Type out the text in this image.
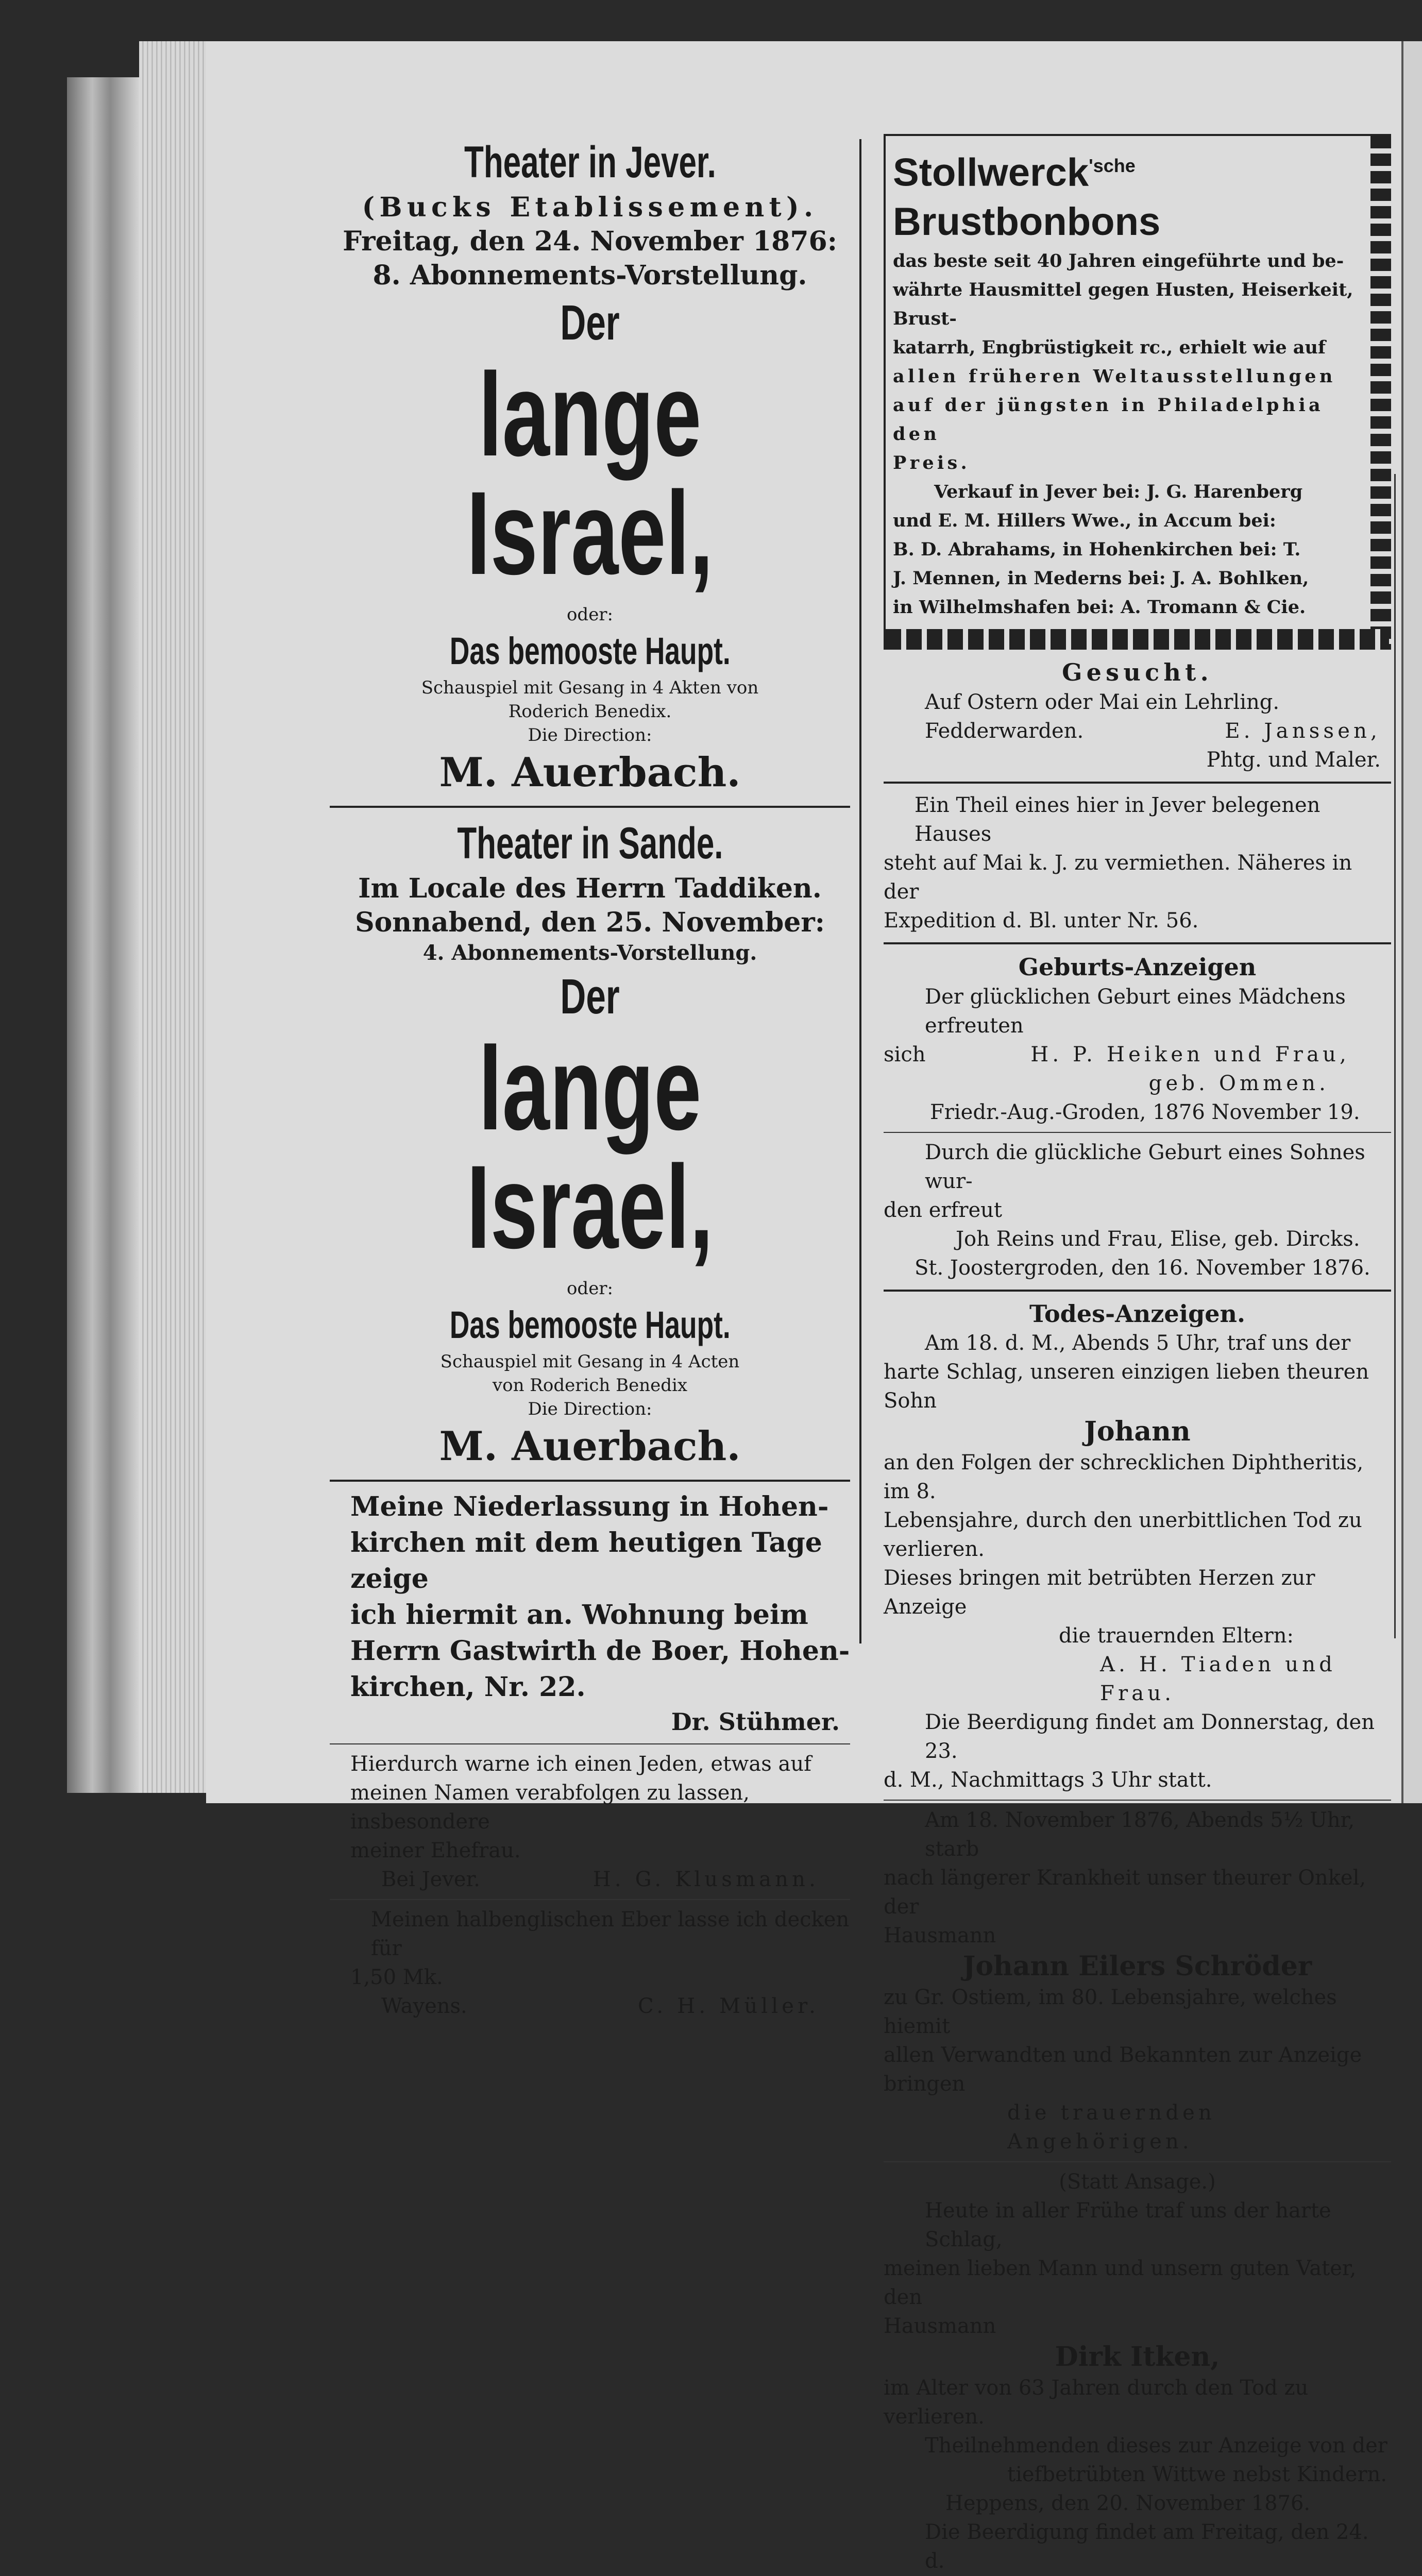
Theater in Jever.
(Bucks Etablissement).
Freitag, den 24. November 1876:
8. Abonnements-Vorstellung.
Der
lange Israel,
oder:
Das bemooste Haupt.
Schauspiel mit Gesang in 4 Akten von
Roderich Benedix.
Die Direction:
M. Auerbach.
Theater in Sande.
Im Locale des Herrn Taddiken.
Sonnabend, den 25. November:
4. Abonnements-Vorstellung.
Der
lange Israel,
oder:
Das bemooste Haupt.
Schauspiel mit Gesang in 4 Acten
von Roderich Benedix
Die Direction:
M. Auerbach.
Meine Niederlassung in Hohen-
kirchen mit dem heutigen Tage zeige
ich hiermit an. Wohnung beim
Herrn Gastwirth de Boer, Hohen-
kirchen, Nr. 22.
Dr. Stühmer.
Hierdurch warne ich einen Jeden, etwas auf
meinen Namen verabfolgen zu lassen, insbesondere
meiner Ehefrau.
Bei Jever.	H. G. Klusmann.
Meinen halbenglischen Eber lasse ich decken für
1,50 Mk.
Wayens.	C. H. Müller.
Stollwerck$^{'sche}$ Brustbonbons
das beste seit 40 Jahren eingeführte und be-
währte Hausmittel gegen Husten, Heiserkeit, Brust-
katarrh, Engbrüstigkeit rc., erhielt wie auf
allen früheren Weltausstellungen
auf der jüngsten in Philadelphia den
Preis.
Verkauf in Jever bei: J. G. Harenberg
und E. M. Hillers Wwe., in Accum bei:
B. D. Abrahams, in Hohenkirchen bei: T.
J. Mennen, in Mederns bei: J. A. Bohlken,
in Wilhelmshafen bei: A. Tromann & Cie.
Gesucht.
Auf Ostern oder Mai ein Lehrling.
Fedderwarden.	E. Janssen,
Phtg. und Maler.
Ein Theil eines hier in Jever belegenen Hauses
steht auf Mai k. J. zu vermiethen. Näheres in der
Expedition d. Bl. unter Nr. 56.
Geburts-Anzeigen
Der glücklichen Geburt eines Mädchens erfreuten
sich	H. P. Heiken und Frau,
geb. Ommen.
Friedr.-Aug.-Groden, 1876 November 19.
Durch die glückliche Geburt eines Sohnes wur-
den erfreut
Joh Reins und Frau, Elise, geb. Dircks.
St. Joostergroden, den 16. November 1876.
Todes-Anzeigen.
Am 18. d. M., Abends 5 Uhr, traf uns der
harte Schlag, unseren einzigen lieben theuren Sohn
Johann
an den Folgen der schrecklichen Diphtheritis, im 8.
Lebensjahre, durch den unerbittlichen Tod zu verlieren.
Dieses bringen mit betrübten Herzen zur Anzeige
die trauernden Eltern:
A. H. Tiaden und Frau.
Die Beerdigung findet am Donnerstag, den 23.
d. M., Nachmittags 3 Uhr statt.
Am 18. November 1876, Abends 5½ Uhr, starb
nach längerer Krankheit unser theurer Onkel, der
Hausmann
Johann Eilers Schröder
zu Gr. Ostiem, im 80. Lebensjahre, welches hiemit
allen Verwandten und Bekannten zur Anzeige bringen
die trauernden Angehörigen.
(Statt Ansage.)
Heute in aller Frühe traf uns der harte Schlag,
meinen lieben Mann und unsern guten Vater, den
Hausmann
Dirk Itken,
im Alter von 63 Jahren durch den Tod zu verlieren.
Theilnehmenden dieses zur Anzeige von der
tiefbetrübten Wittwe nebst Kindern.
Heppens, den 20. November 1876.
Die Beerdigung findet am Freitag, den 24. d.
